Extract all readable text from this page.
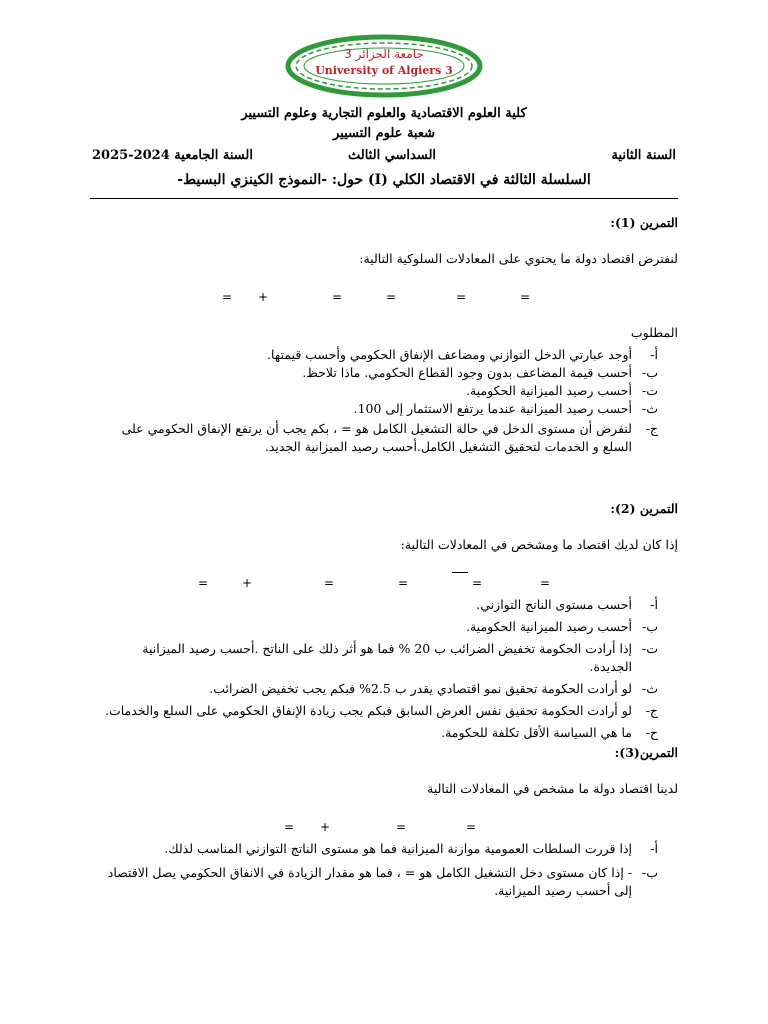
جامعة الجزائر 3
University of Algiers 3
كلية العلوم الاقتصادية والعلوم التجارية وعلوم التسيير
شعبة علوم التسيير
السنة الثانية
السداسي الثالث
السنة الجامعية 2024-2025
السلسلة الثالثة في الاقتصاد الكلي (I) حول: -النموذج الكينزي البسيط-
التمرين (1):
لنفترض اقتصاد دولة ما يحتوي على المعادلات السلوكية التالية:
= +	=	=	=	=
المطلوب
أ-
أوجد عبارتي الدخل التوازني ومضاعف الإنفاق الحكومي وأحسب قيمتها.
ب-
أحسب قيمة المضاعف بدون وجود القطاع الحكومي. ماذا تلاحظ.
ت-
أحسب رصيد الميزانية الحكومية.
ث-
أحسب رصيد الميزانية عندما يرتفع الاستثمار إلى 100.
ج-
لنفرض أن مستوى الدخل في حالة التشغيل الكامل هو = ، بكم يجب أن يرتفع الإنفاق الحكومي على السلع و الخدمات لتحقيق التشغيل الكامل.أحسب رصيد الميزانية الجديد.
التمرين (2):
إذا كان لديك اقتصاد ما ومشخص في المعادلات التالية:
=	+	=	=	=	=
أ-
أحسب مستوى الناتج التوازني.
ب-
أحسب رصيد الميزانية الحكومية.
ت-
إذا أرادت الحكومة تخفيض الضرائب ب 20 % فما هو أثر ذلك على الناتج .أحسب رصيد الميزانية الجديدة.
ث-
لو أرادت الحكومة تحقيق نمو اقتصادي يقدر ب 2.5% فبكم يجب تخفيض الضرائب.
ج-
لو أرادت الحكومة تحقيق نفس العرض السابق فبكم يجب زيادة الإنفاق الحكومي على السلع والخدمات.
ح-
ما هي السياسة الأقل تكلفة للحكومة.
التمرين(3):
لدينا اقتصاد دولة ما مشخص في المعادلات التالية
= +	=	=
أ-
إذا قررت السلطات العمومية موازنة الميزانية فما هو مستوى الناتج التوازني المناسب لذلك.
ب-
- إذا كان مستوى دخل التشغيل الكامل هو = ، فما هو مقدار الزيادة في الانفاق الحكومي يصل الاقتصاد إلى أحسب رصيد الميزانية.
